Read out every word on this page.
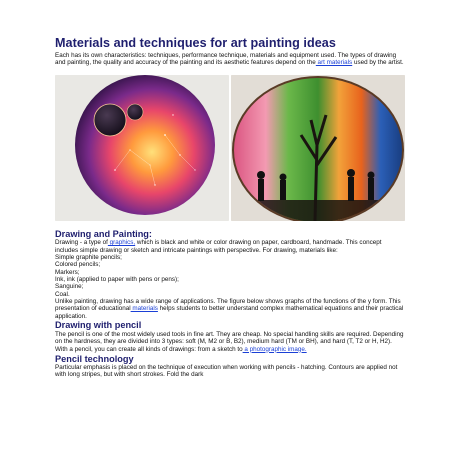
Materials and techniques for art painting ideas

Each has its own characteristics: techniques, performance technique, materials and equipment used. The types of drawing and painting, the quality and accuracy of the painting and its aesthetic features depend on the art materials used by the artist.

Drawing and Painting:

Drawing - a type of graphics, which is black and white or color drawing on paper, cardboard, handmade. This concept includes simple drawing or sketch and intricate paintings with perspective. For drawing, materials like:

Simple graphite pencils;

Colored pencils;

Markers;

Ink, ink (applied to paper with pens or pens);

Sanguine;

Coal.

Unlike painting, drawing has a wide range of applications. The figure below shows graphs of the functions of the y form. This presentation of educational materials helps students to better understand complex mathematical equations and their practical application.

Drawing with pencil

The pencil is one of the most widely used tools in fine art. They are cheap. No special handling skills are required. Depending on the hardness, they are divided into 3 types: soft (M, M2 or B, B2), medium hard (TM or BH), and hard (T, T2 or H, H2). With a pencil, you can create all kinds of drawings: from a sketch to a photographic image.

Pencil technology

Particular emphasis is placed on the technique of execution when working with pencils - hatching. Contours are applied not with long stripes, but with short strokes. Fold the dark
